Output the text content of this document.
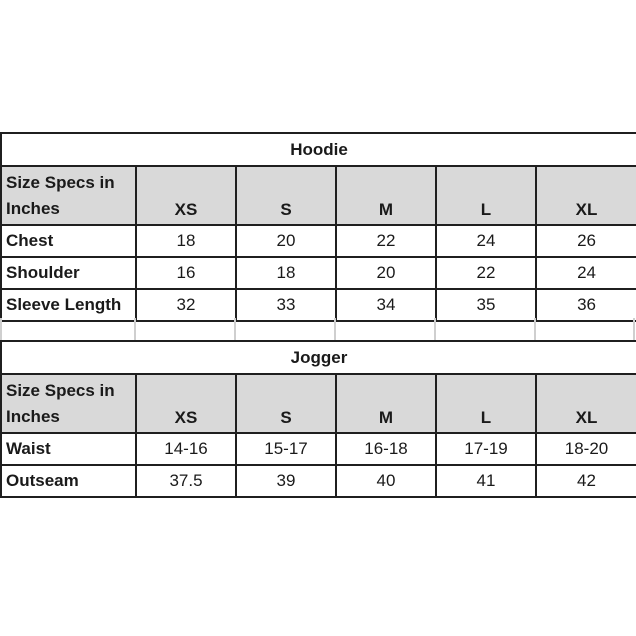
Hoodie					
Size Specs in Inches	XS	S	M	L	XL
Chest	18	20	22	24	26
Shoulder	16	18	20	22	24
Sleeve Length	32	33	34	35	36
Jogger					
Size Specs in Inches	XS	S	M	L	XL
Waist	14-16	15-17	16-18	17-19	18-20
Outseam	37.5	39	40	41	42
